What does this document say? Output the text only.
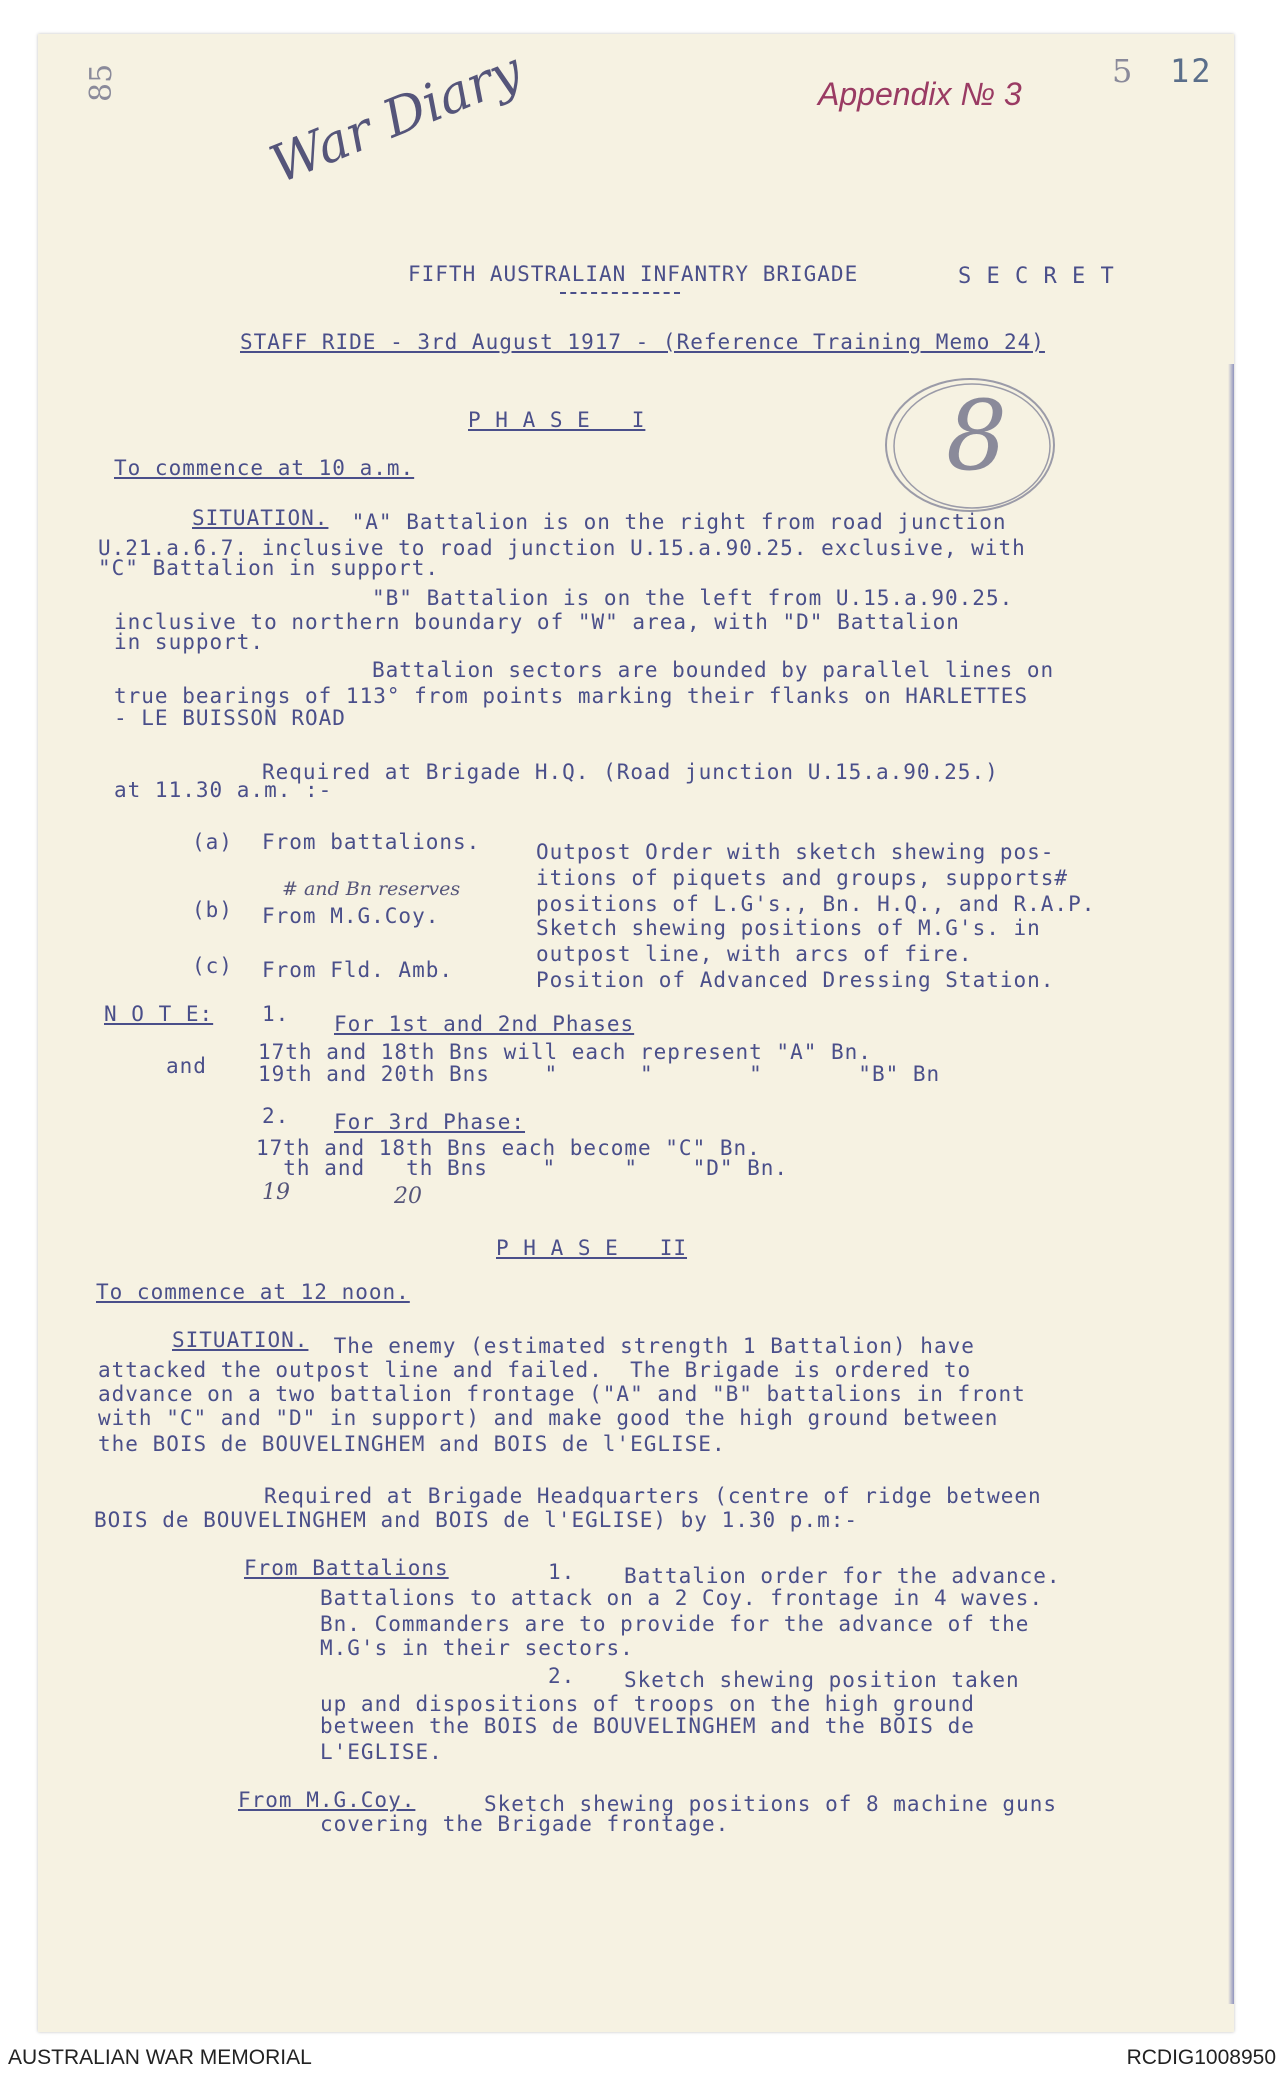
85	5 12
Appendix № 3
War Diary
FIFTH AUSTRALIAN INFANTRY BRIGADE	S E C R E T
STAFF RIDE - 3rd August 1917 - (Reference Training Memo 24)
8
P H A S E   I
To commence at 10 a.m.
SITUATION. "A" Battalion is on the right from road junction
U.21.a.6.7. inclusive to road junction U.15.a.90.25. exclusive, with
"C" Battalion in support.
"B" Battalion is on the left from U.15.a.90.25.
inclusive to northern boundary of "W" area, with "D" Battalion
in support.
Battalion sectors are bounded by parallel lines on
true bearings of 113° from points marking their flanks on HARLETTES
- LE BUISSON ROAD
Required at Brigade H.Q. (Road junction U.15.a.90.25.)
at 11.30 a.m. :-
(a) From battalions.	Outpost Order with sketch shewing pos-
itions of piquets and groups, supports#
# and Bn reserves
positions of L.G's., Bn. H.Q., and R.A.P.
(b) From M.G.Coy.	Sketch shewing positions of M.G's. in
outpost line, with arcs of fire.
(c) From Fld. Amb.	Position of Advanced Dressing Station.
N O T E: 1. For 1st and 2nd Phases
17th and 18th Bns will each represent "A" Bn.
and 19th and 20th Bns    "      "       "       "B" Bn
2. For 3rd Phase:
17th and 18th Bns each become "C" Bn.
th and   th Bns    "     "    "D" Bn.
19	20
P H A S E   II
To commence at 12 noon.
SITUATION. The enemy (estimated strength 1 Battalion) have
attacked the outpost line and failed.  The Brigade is ordered to
advance on a two battalion frontage ("A" and "B" battalions in front
with "C" and "D" in support) and make good the high ground between
the BOIS de BOUVELINGHEM and BOIS de l'EGLISE.
Required at Brigade Headquarters (centre of ridge between
BOIS de BOUVELINGHEM and BOIS de l'EGLISE) by 1.30 p.m:-
From Battalions	1. Battalion order for the advance.
Battalions to attack on a 2 Coy. frontage in 4 waves.
Bn. Commanders are to provide for the advance of the
M.G's in their sectors.
2. Sketch shewing position taken
up and dispositions of troops on the high ground
between the BOIS de BOUVELINGHEM and the BOIS de
L'EGLISE.
From M.G.Coy.	Sketch shewing positions of 8 machine guns
covering the Brigade frontage.
AUSTRALIAN WAR MEMORIAL	RCDIG1008950
